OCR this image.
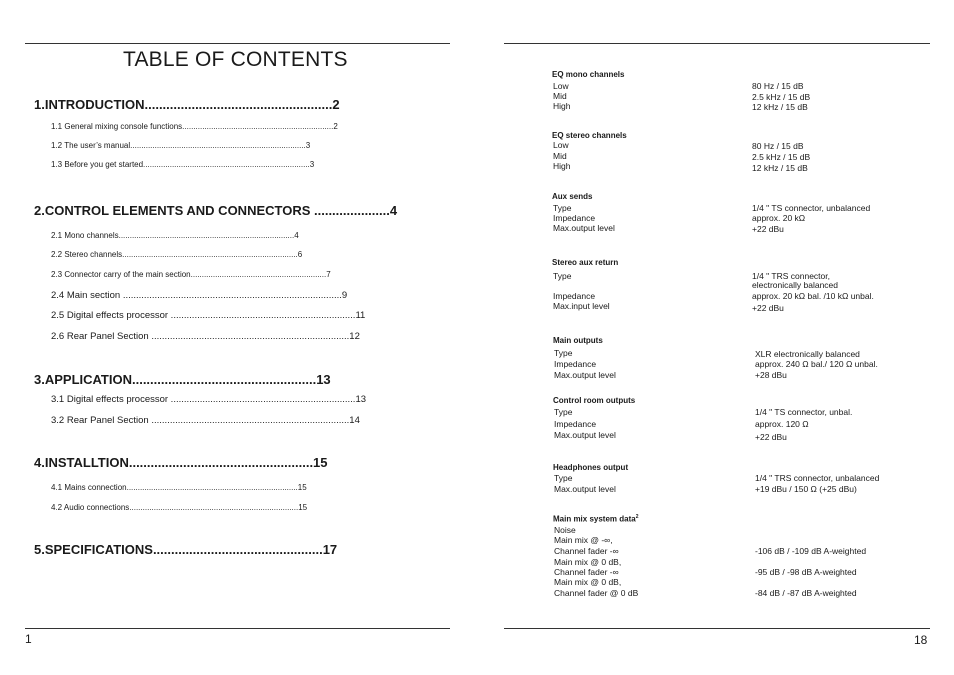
TABLE OF CONTENTS
1.INTRODUCTION....................................................2
1.1 General mixing console functions....................................................................2
1.2 The user’s manual...............................................................................3
1.3 Before you get started...........................................................................3
2.CONTROL ELEMENTS AND CONNECTORS .....................4
2.1 Mono channels...............................................................................4
2.2 Stereo channels...............................................................................6
2.3 Connector carry of the main section.............................................................7
2.4 Main section ...................................................................................9
2.5 Digital effects processor ......................................................................11
2.6 Rear Panel Section ...........................................................................12
3.APPLICATION...................................................13
3.1 Digital effects processor ......................................................................13
3.2 Rear Panel Section ...........................................................................14
4.INSTALLTION...................................................15
4.1 Mains connection.............................................................................15
4.2 Audio connections............................................................................15
5.SPECIFICATIONS...............................................17
1
EQ mono channels
Low
Mid
High
80 Hz / 15 dB
2.5 kHz / 15 dB
12 kHz / 15 dB
EQ stereo channels
Low
Mid
High
80 Hz / 15 dB
2.5 kHz / 15 dB
12 kHz / 15 dB
Aux sends
Type
Impedance
Max.output level
1/4 " TS connector, unbalanced
approx. 20 kΩ
+22 dBu
Stereo aux return
Type
Impedance
Max.input level
1/4 " TRS connector,
electronically balanced
approx. 20 kΩ bal. /10 kΩ unbal.
+22 dBu
Main outputs
Type
Impedance
Max.output level
XLR electronically balanced
approx. 240 Ω bal./ 120 Ω unbal.
+28 dBu
Control room outputs
Type
Impedance
Max.output level
1/4 " TS connector, unbal.
approx. 120 Ω
+22 dBu
Headphones output
Type
Max.output level
1/4 " TRS connector, unbalanced
+19 dBu / 150 Ω (+25 dBu)
Main mix system data$^2$
Noise
Main mix @ -∞,
Channel fader -∞
Main mix @ 0 dB,
Channel fader -∞
Main mix @ 0 dB,
Channel fader @ 0 dB
-106 dB / -109 dB A-weighted
-95 dB / -98 dB A-weighted
-84 dB / -87 dB A-weighted
18
